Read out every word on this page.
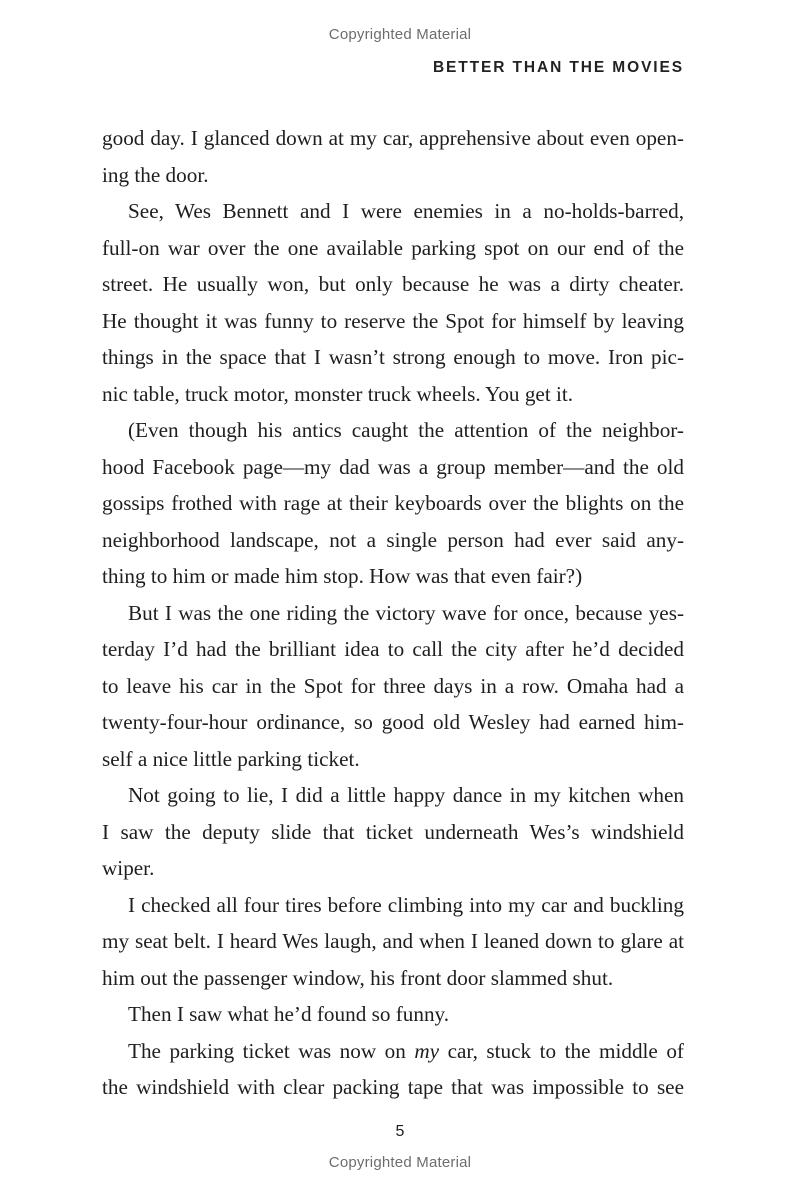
Copyrighted Material
BETTER THAN THE MOVIES
good day. I glanced down at my car, apprehensive about even open-
ing the door.
See, Wes Bennett and I were enemies in a no-holds-barred,
full-on war over the one available parking spot on our end of the
street. He usually won, but only because he was a dirty cheater.
He thought it was funny to reserve the Spot for himself by leaving
things in the space that I wasn’t strong enough to move. Iron pic-
nic table, truck motor, monster truck wheels. You get it.
(Even though his antics caught the attention of the neighbor-
hood Facebook page—my dad was a group member—and the old
gossips frothed with rage at their keyboards over the blights on the
neighborhood landscape, not a single person had ever said any-
thing to him or made him stop. How was that even fair?)
But I was the one riding the victory wave for once, because yes-
terday I’d had the brilliant idea to call the city after he’d decided
to leave his car in the Spot for three days in a row. Omaha had a
twenty-four-hour ordinance, so good old Wesley had earned him-
self a nice little parking ticket.
Not going to lie, I did a little happy dance in my kitchen when
I saw the deputy slide that ticket underneath Wes’s windshield
wiper.
I checked all four tires before climbing into my car and buckling
my seat belt. I heard Wes laugh, and when I leaned down to glare at
him out the passenger window, his front door slammed shut.
Then I saw what he’d found so funny.
The parking ticket was now on my car, stuck to the middle of
the windshield with clear packing tape that was impossible to see
5
Copyrighted Material
